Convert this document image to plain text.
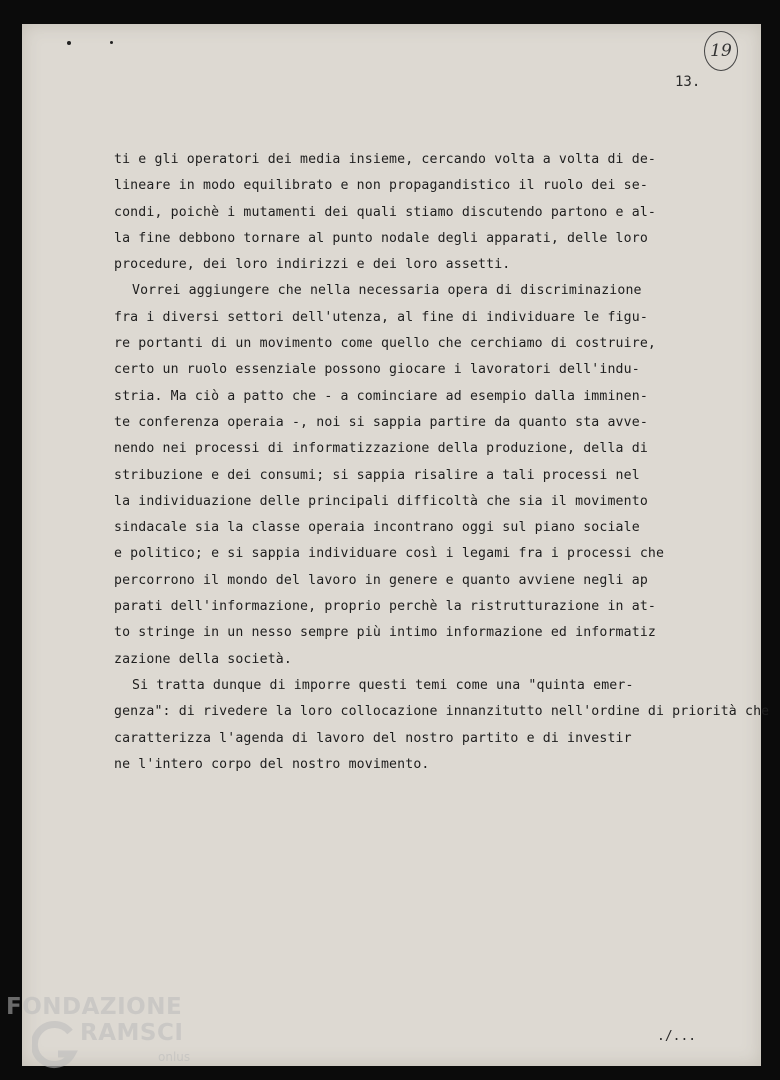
19
13.
ti e gli operatori dei media insieme, cercando volta a volta di de-
lineare in modo equilibrato e non propagandistico il ruolo dei se-
condi, poichè i mutamenti dei quali stiamo discutendo partono e al-
la fine debbono tornare al punto nodale degli apparati, delle loro
procedure, dei loro indirizzi e dei loro assetti.
Vorrei aggiungere che nella necessaria opera di discriminazione
fra i diversi settori dell'utenza, al fine di individuare le figu-
re portanti di un movimento come quello che cerchiamo di costruire,
certo un ruolo essenziale possono giocare i lavoratori dell'indu-
stria. Ma ciò a patto che - a cominciare ad esempio dalla imminen-
te conferenza operaia -, noi si sappia partire da quanto sta avve-
nendo nei processi di informatizzazione della produzione, della di
stribuzione e dei consumi; si sappia risalire a tali processi nel
la individuazione delle principali difficoltà che sia il movimento
sindacale sia la classe operaia incontrano oggi sul piano sociale
e politico; e si sappia individuare così i legami fra i processi che
percorrono il mondo del lavoro in genere e quanto avviene negli ap
parati dell'informazione, proprio perchè la ristrutturazione in at-
to stringe in un nesso sempre più intimo informazione ed informatiz
zazione della società.
Si tratta dunque di imporre questi temi come una "quinta emer-
genza": di rivedere la loro collocazione innanzitutto nell'ordine di priorità che
caratterizza l'agenda di lavoro del nostro partito e di investir
ne l'intero corpo del nostro movimento.
./...
FONDAZIONE
RAMSCI
onlus
